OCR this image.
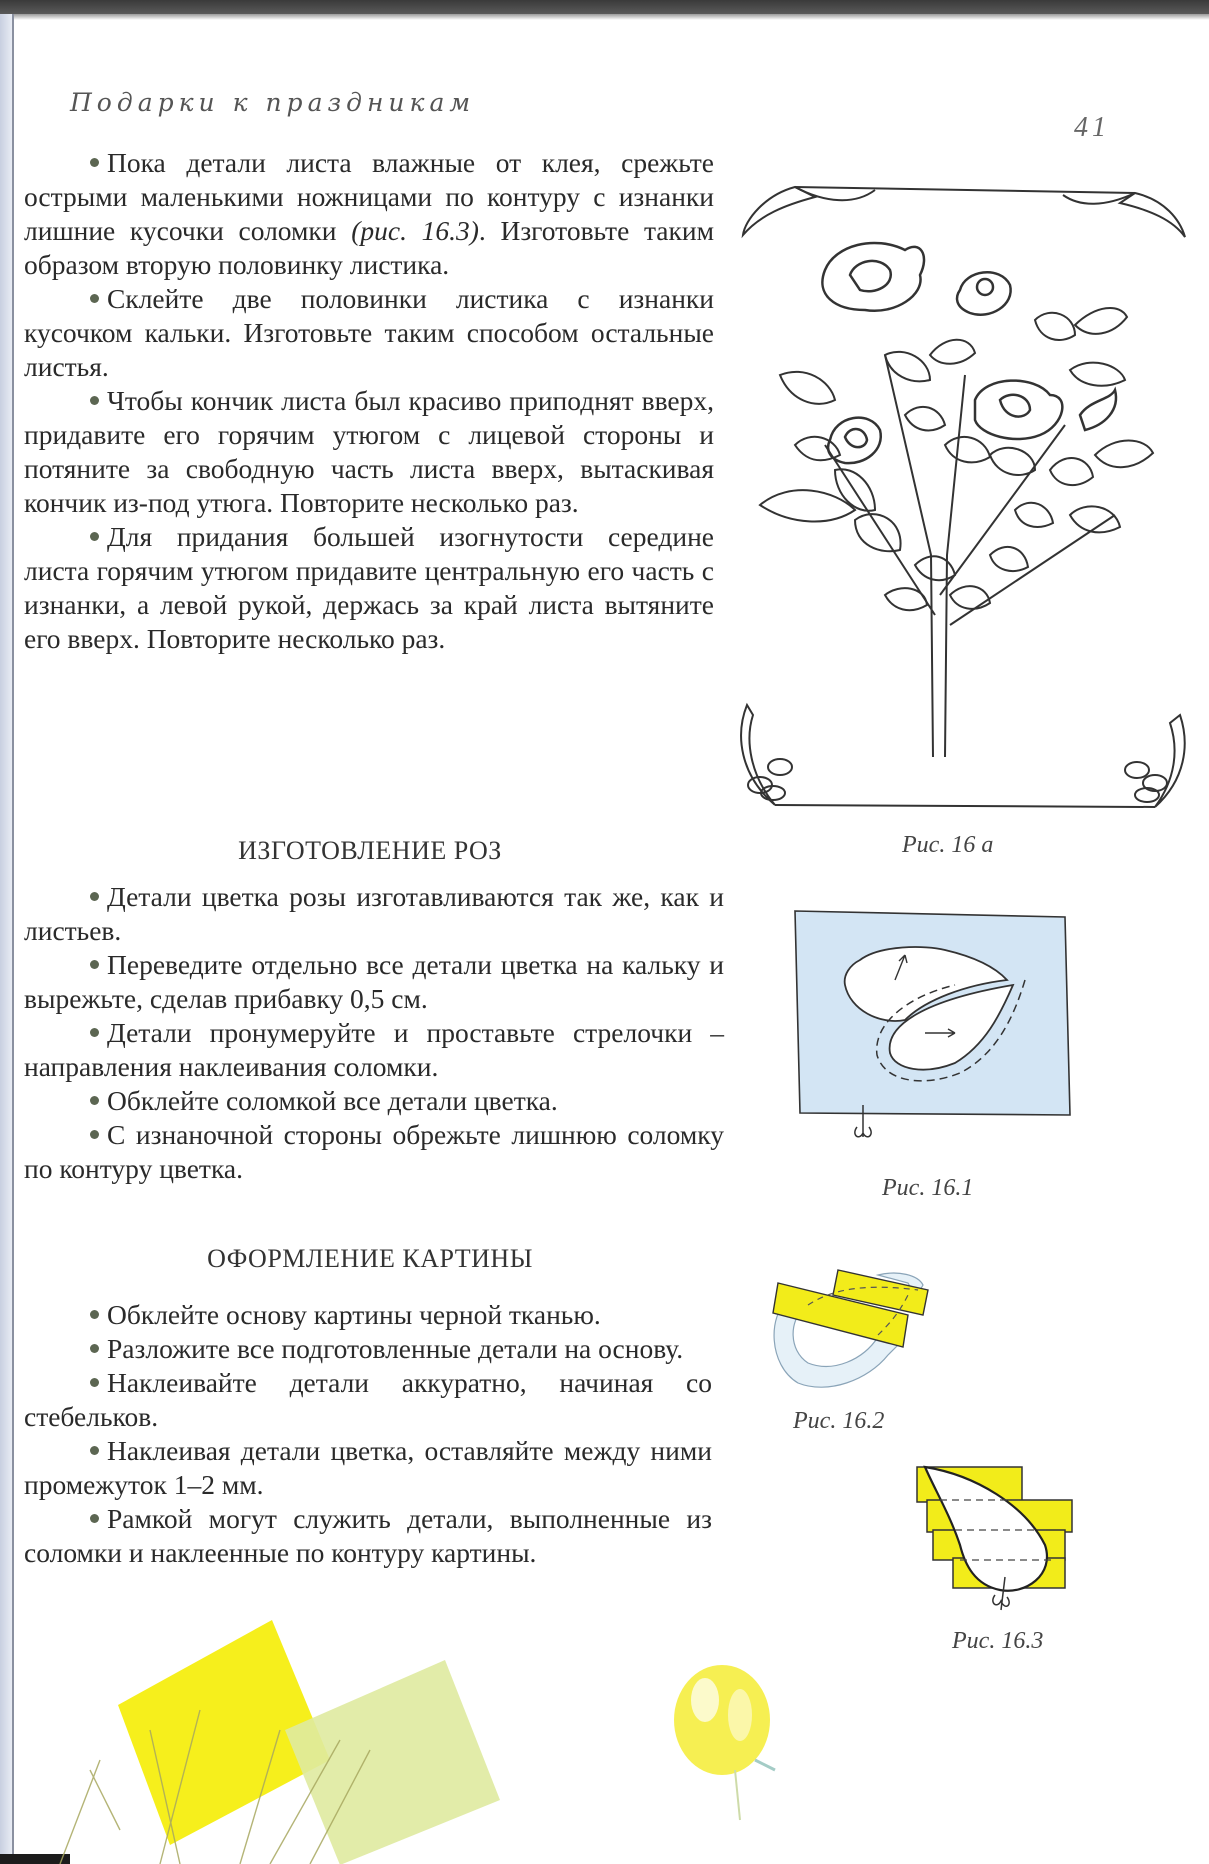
Подарки к праздникам
41

Пока детали листа влажные от клея, срежьте острыми маленькими ножницами по контуру с изнанки лишние кусочки соломки (рис. 16.3). Изготовьте таким образом вторую половинку листика.

Склейте две половинки листика с изнанки кусочком кальки. Изготовьте таким способом остальные листья.

Чтобы кончик листа был красиво приподнят вверх, придавите его горячим утюгом с лицевой стороны и потяните за свободную часть листа вверх, вытаскивая кончик из-под утюга. Повторите несколько раз.

Для придания большей изогнутости середине листа горячим утюгом придавите центральную его часть с изнанки, а левой рукой, держась за край листа вытяните его вверх. Повторите несколько раз.

ИЗГОТОВЛЕНИЕ РОЗ

Детали цветка розы изготавливаются так же, как и листьев.

Переведите отдельно все детали цветка на кальку и вырежьте, сделав прибавку 0,5 см.

Детали пронумеруйте и проставьте стрелочки – направления наклеивания соломки.

Обклейте соломкой все детали цветка.

С изнаночной стороны обрежьте лишнюю соломку по контуру цветка.

ОФОРМЛЕНИЕ КАРТИНЫ

Обклейте основу картины черной тканью.

Разложите все подготовленные детали на основу.

Наклеивайте детали аккуратно, начиная со стебельков.

Наклеивая детали цветка, оставляйте между ними промежуток 1–2 мм.

Рамкой могут служить детали, выполненные из соломки и наклеенные по контуру картины.

Рис. 16 а
Рис. 16.1
Рис. 16.2
Рис. 16.3
